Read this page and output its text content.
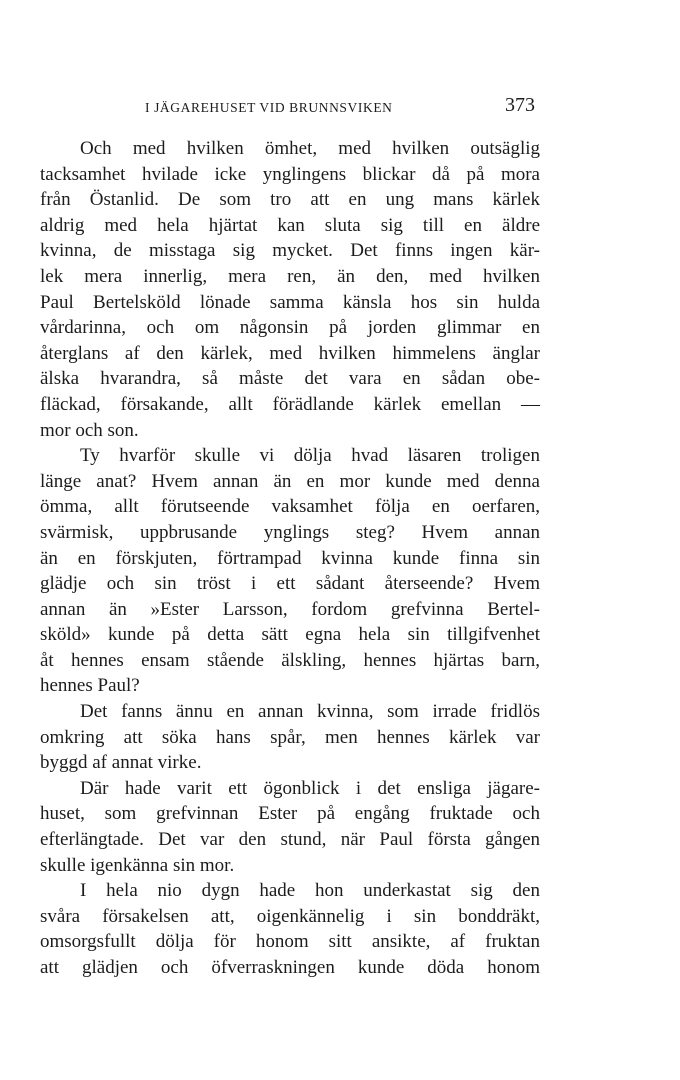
I JÄGAREHUSET VID BRUNNSVIKEN	373
Och med hvilken ömhet, med hvilken outsäglig
tacksamhet hvilade icke ynglingens blickar då på mora
från Östanlid. De som tro att en ung mans kärlek
aldrig med hela hjärtat kan sluta sig till en äldre
kvinna, de misstaga sig mycket. Det finns ingen kär-
lek mera innerlig, mera ren, än den, med hvilken
Paul Bertelsköld lönade samma känsla hos sin hulda
vårdarinna, och om någonsin på jorden glimmar en
återglans af den kärlek, med hvilken himmelens änglar
älska hvarandra, så måste det vara en sådan obe-
fläckad, försakande, allt förädlande kärlek emellan —
mor och son.
Ty hvarför skulle vi dölja hvad läsaren troligen
länge anat? Hvem annan än en mor kunde med denna
ömma, allt förutseende vaksamhet följa en oerfaren,
svärmisk, uppbrusande ynglings steg? Hvem annan
än en förskjuten, förtrampad kvinna kunde finna sin
glädje och sin tröst i ett sådant återseende? Hvem
annan än »Ester Larsson, fordom grefvinna Bertel-
sköld» kunde på detta sätt egna hela sin tillgifvenhet
åt hennes ensam stående älskling, hennes hjärtas barn,
hennes Paul?
Det fanns ännu en annan kvinna, som irrade fridlös
omkring att söka hans spår, men hennes kärlek var
byggd af annat virke.
Där hade varit ett ögonblick i det ensliga jägare-
huset, som grefvinnan Ester på engång fruktade och
efterlängtade. Det var den stund, när Paul första gången
skulle igenkänna sin mor.
I hela nio dygn hade hon underkastat sig den
svåra försakelsen att, oigenkännelig i sin bonddräkt,
omsorgsfullt dölja för honom sitt ansikte, af fruktan
att glädjen och öfverraskningen kunde döda honom
